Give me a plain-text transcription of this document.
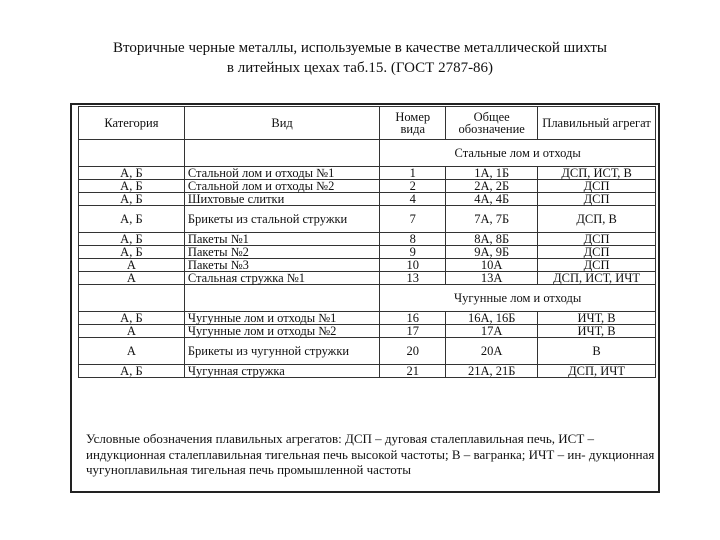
Вторичные черные металлы, используемые в качестве металлической шихты
в литейных цехах таб.15. (ГОСТ 2787-86)
Категория	Вид	Номер вида	Общее обозначение	Плавильный агрегат
		Стальные лом и отходы		
А, Б	Стальной лом и отходы №1	1	1А, 1Б	ДСП, ИСТ, В
А, Б	Стальной лом и отходы №2	2	2А, 2Б	ДСП
А, Б	Шихтовые слитки	4	4А, 4Б	ДСП
А, Б	Брикеты из стальной стружки	7	7А, 7Б	ДСП, В
А, Б	Пакеты №1	8	8А, 8Б	ДСП
А, Б	Пакеты №2	9	9А, 9Б	ДСП
А	Пакеты №3	10	10А	ДСП
А	Стальная стружка №1	13	13А	ДСП, ИСТ, ИЧТ
		Чугунные лом и отходы		
А, Б	Чугунные лом и отходы №1	16	16А, 16Б	ИЧТ, В
А	Чугунные лом и отходы №2	17	17А	ИЧТ, В
А	Брикеты из чугунной стружки	20	20А	В
А, Б	Чугунная стружка	21	21А, 21Б	ДСП, ИЧТ
Условные обозначения плавильных агрегатов: ДСП – дуговая сталеплавильная печь, ИСТ – индукционная сталеплавильная тигельная печь высокой частоты; В – вагранка; ИЧТ – ин- дукционная чугуноплавильная тигельная печь промышленной частоты
